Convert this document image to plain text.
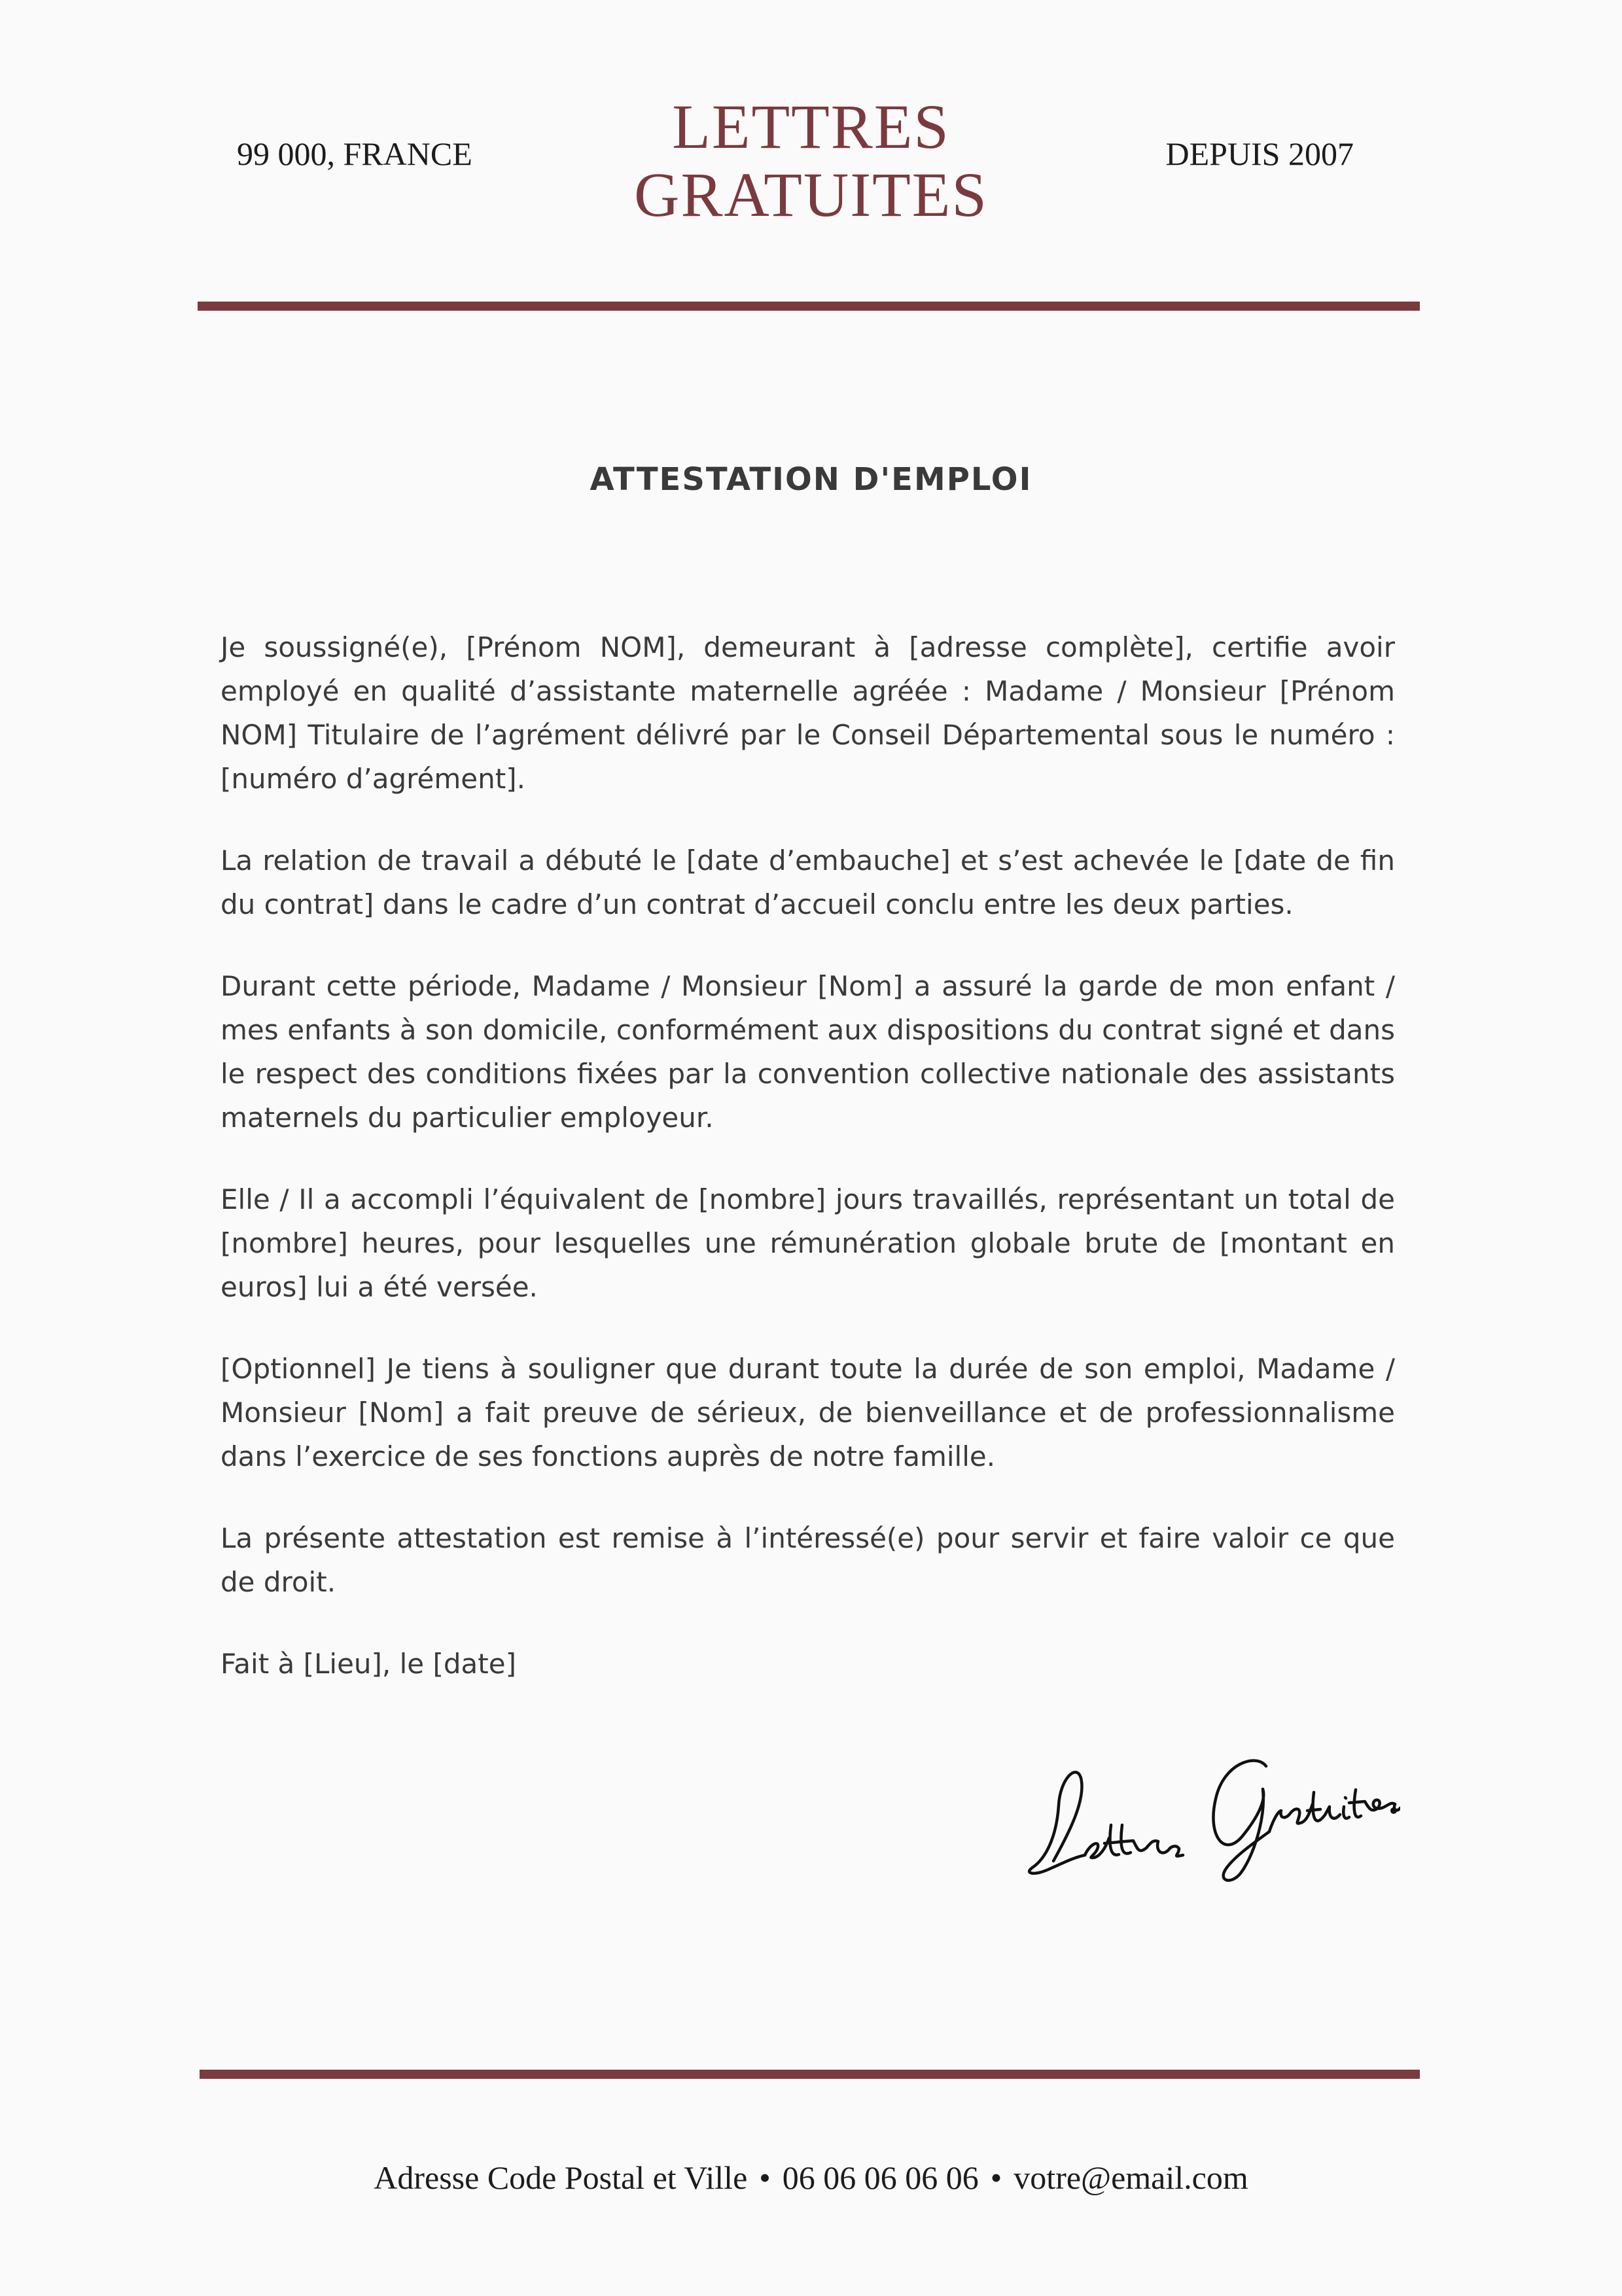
99 000, FRANCE	LETTRES
GRATUITES
DEPUIS 2007
ATTESTATION D'EMPLOI

Je soussigné(e), [Prénom NOM], demeurant à [adresse complète], certifie avoir employé en qualité d’assistante maternelle agréée : Madame / Monsieur [Prénom NOM] Titulaire de l’agrément délivré par le Conseil Départemental sous le numéro : [numéro d’agrément].

La relation de travail a débuté le [date d’embauche] et s’est achevée le [date de fin du contrat] dans le cadre d’un contrat d’accueil conclu entre les deux parties.

Durant cette période, Madame / Monsieur [Nom] a assuré la garde de mon enfant / mes enfants à son domicile, conformément aux dispositions du contrat signé et dans le respect des conditions fixées par la convention collective nationale des assistants maternels du particulier employeur.

Elle / Il a accompli l’équivalent de [nombre] jours travaillés, représentant un total de [nombre] heures, pour lesquelles une rémunération globale brute de [montant en euros] lui a été versée.

[Optionnel] Je tiens à souligner que durant toute la durée de son emploi, Madame / Monsieur [Nom] a fait preuve de sérieux, de bienveillance et de professionnalisme dans l’exercice de ses fonctions auprès de notre famille.

La présente attestation est remise à l’intéressé(e) pour servir et faire valoir ce que de droit.

Fait à [Lieu], le [date]

Adresse Code Postal et Ville • 06 06 06 06 06 • votre@email.com
